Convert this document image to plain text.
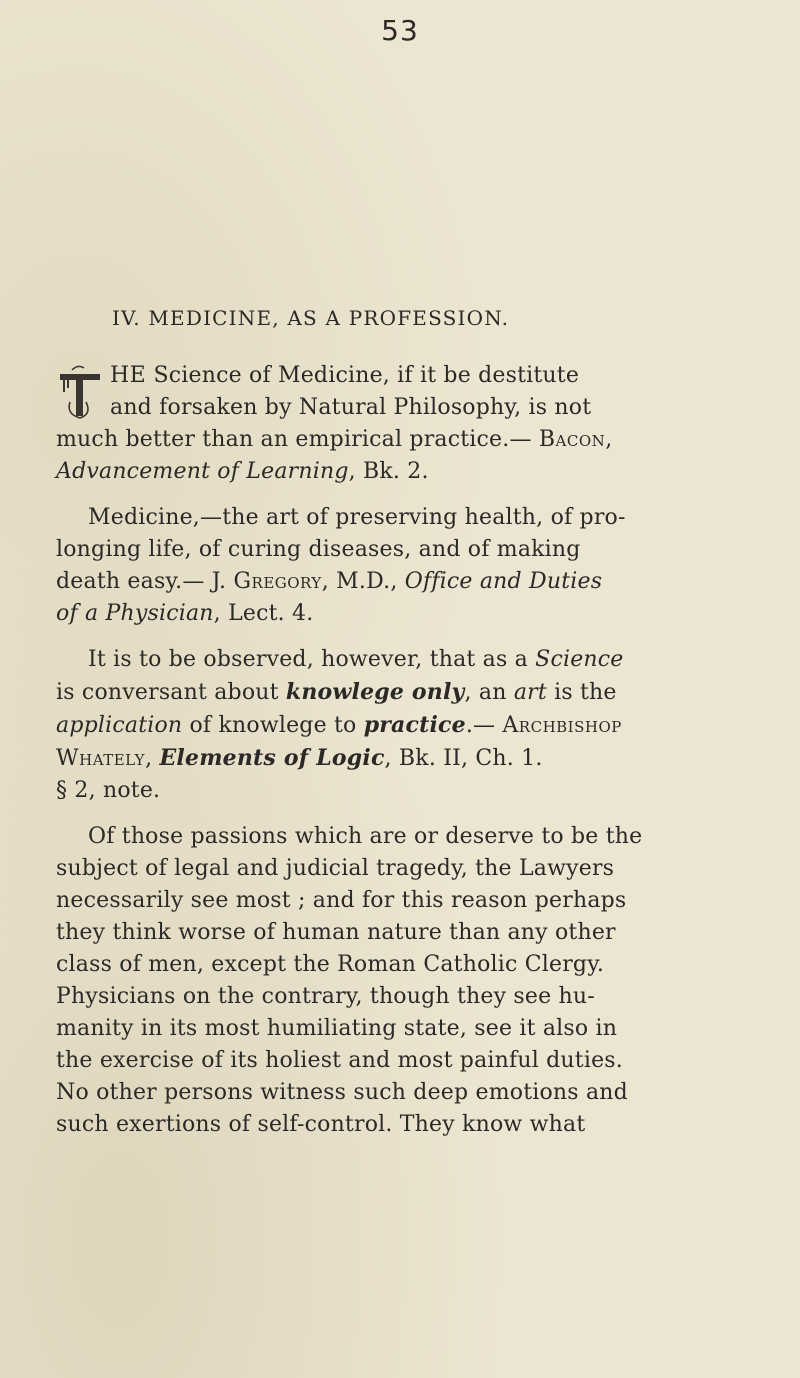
53
IV. MEDICINE, AS A PROFESSION.
HE Science of Medicine, if it be destitute
and forsaken by Natural Philosophy, is not
much better than an empirical practice.— Bacon,
Advancement of Learning, Bk. 2.
Medicine,—the art of preserving health, of pro-
longing life, of curing diseases, and of making
death easy.— J. Gregory, M.D., Office and Duties
of a Physician, Lect. 4.
It is to be observed, however, that as a Science
is conversant about knowlege only, an art is the
application of knowlege to practice.— Archbishop
Whately, Elements of Logic, Bk. II, Ch. 1.
§ 2, note.
Of those passions which are or deserve to be the
subject of legal and judicial tragedy, the Lawyers
necessarily see most ; and for this reason perhaps
they think worse of human nature than any other
class of men, except the Roman Catholic Clergy.
Physicians on the contrary, though they see hu-
manity in its most humiliating state, see it also in
the exercise of its holiest and most painful duties.
No other persons witness such deep emotions and
such exertions of self-control. They know what
